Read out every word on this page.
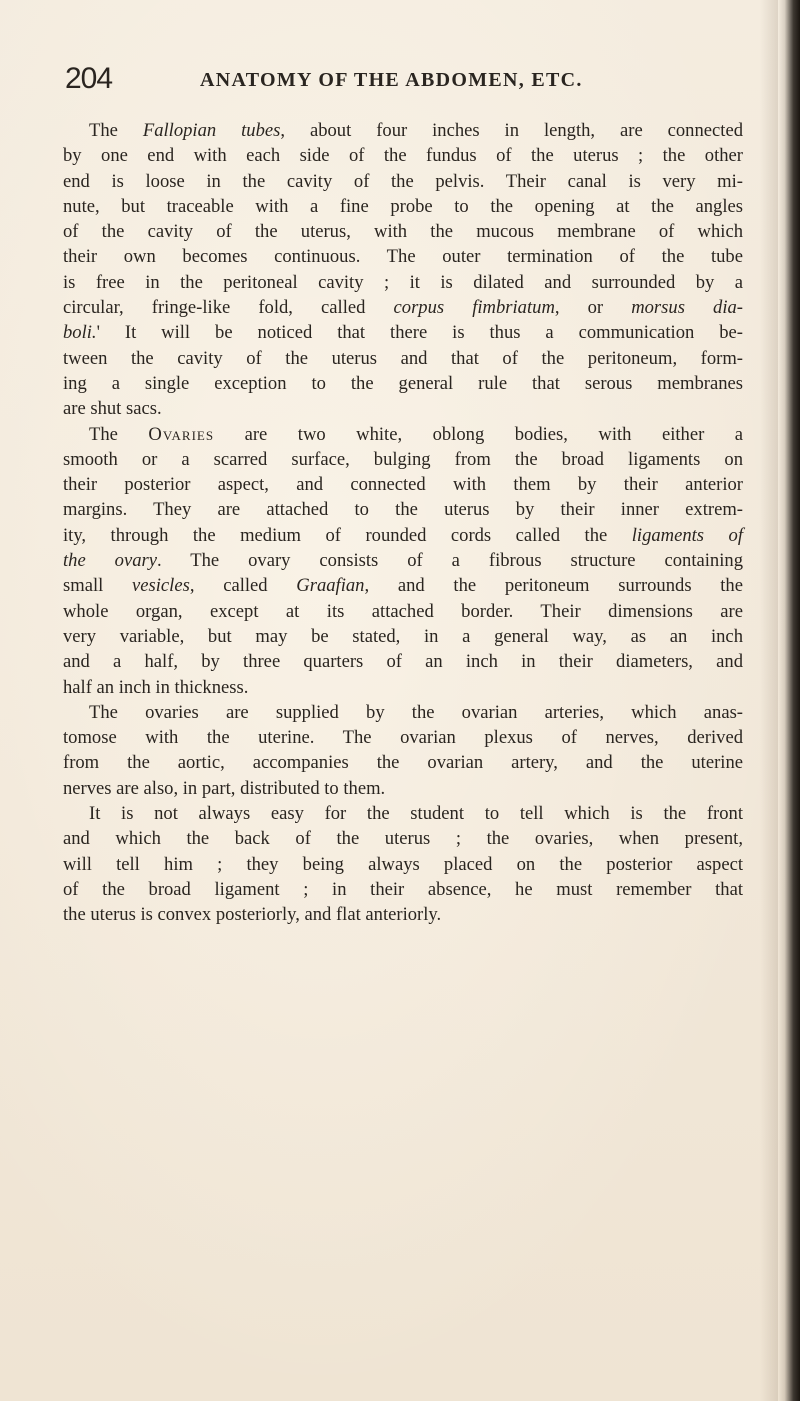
204	ANATOMY OF THE ABDOMEN, ETC.
The Fallopian tubes, about four inches in length, are connected
by one end with each side of the fundus of the uterus ; the other
end is loose in the cavity of the pelvis. Their canal is very mi-
nute, but traceable with a fine probe to the opening at the angles
of the cavity of the uterus, with the mucous membrane of which
their own becomes continuous. The outer termination of the tube
is free in the peritoneal cavity ; it is dilated and surrounded by a
circular, fringe-like fold, called corpus fimbriatum, or morsus dia-
boli.' It will be noticed that there is thus a communication be-
tween the cavity of the uterus and that of the peritoneum, form-
ing a single exception to the general rule that serous membranes
are shut sacs.
The Ovaries are two white, oblong bodies, with either a
smooth or a scarred surface, bulging from the broad ligaments on
their posterior aspect, and connected with them by their anterior
margins. They are attached to the uterus by their inner extrem-
ity, through the medium of rounded cords called the ligaments of
the ovary. The ovary consists of a fibrous structure containing
small vesicles, called Graafian, and the peritoneum surrounds the
whole organ, except at its attached border. Their dimensions are
very variable, but may be stated, in a general way, as an inch
and a half, by three quarters of an inch in their diameters, and
half an inch in thickness.
The ovaries are supplied by the ovarian arteries, which anas-
tomose with the uterine. The ovarian plexus of nerves, derived
from the aortic, accompanies the ovarian artery, and the uterine
nerves are also, in part, distributed to them.
It is not always easy for the student to tell which is the front
and which the back of the uterus ; the ovaries, when present,
will tell him ; they being always placed on the posterior aspect
of the broad ligament ; in their absence, he must remember that
the uterus is convex posteriorly, and flat anteriorly.
